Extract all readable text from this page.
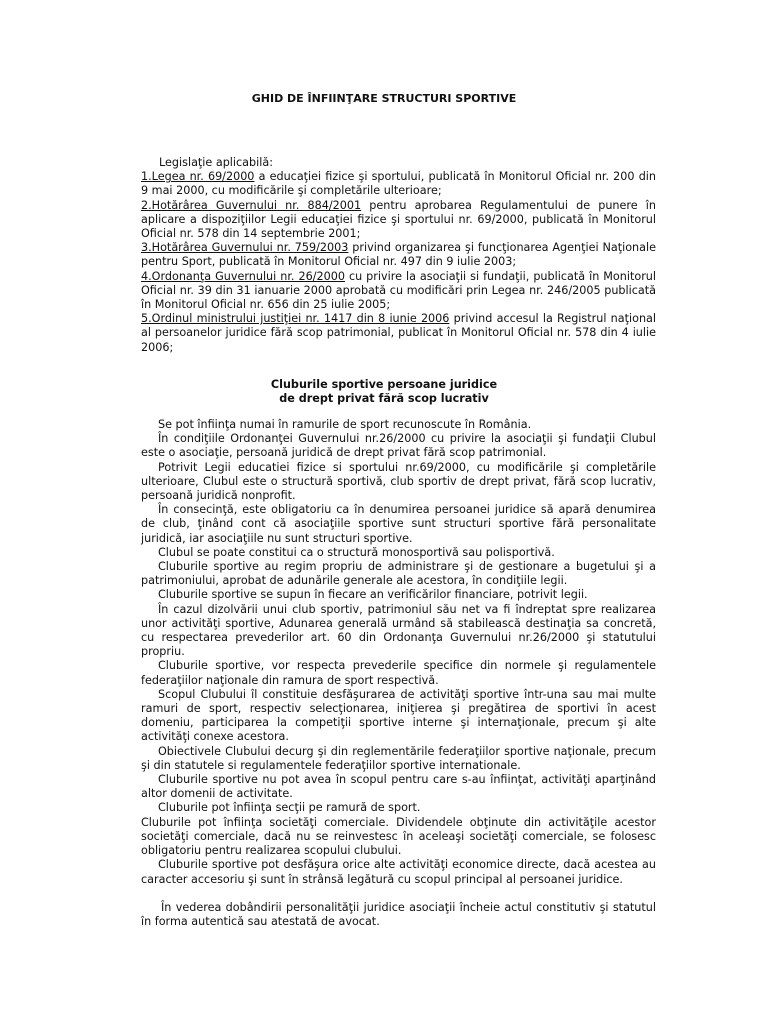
GHID DE ÎNFIINŢARE STRUCTURI SPORTIVE

Legislaţie aplicabilă:

1.Legea nr. 69/2000 a educaţiei fizice şi sportului, publicată în Monitorul Oficial nr. 200 din 9 mai 2000, cu modificările şi completările ulterioare;

2.Hotărârea Guvernului nr. 884/2001 pentru aprobarea Regulamentului de punere în aplicare a dispoziţiilor Legii educaţiei fizice şi sportului nr. 69/2000, publicată în Monitorul Oficial nr. 578 din 14 septembrie 2001;

3.Hotărârea Guvernului nr. 759/2003 privind organizarea şi funcţionarea Agenţiei Naţionale pentru Sport, publicată în Monitorul Oficial nr. 497 din 9 iulie 2003;

4.Ordonanţa Guvernului nr. 26/2000 cu privire la asociaţii si fundaţii, publicată în Monitorul Oficial nr. 39 din 31 ianuarie 2000 aprobată cu modificări prin Legea nr. 246/2005 publicată în Monitorul Oficial nr. 656 din 25 iulie 2005;

5.Ordinul ministrului justiţiei nr. 1417 din 8 iunie 2006 privind accesul la Registrul naţional al persoanelor juridice fără scop patrimonial, publicat în Monitorul Oficial nr. 578 din 4 iulie 2006;

Cluburile sportive persoane juridice
de drept privat fără scop lucrativ

Se pot înfiinţa numai în ramurile de sport recunoscute în România.

În condiţiile Ordonanţei Guvernului nr.26/2000 cu privire la asociaţii şi fundaţii Clubul este o asociaţie, persoană juridică de drept privat fără scop patrimonial.

Potrivit Legii educatiei fizice si sportului nr.69/2000, cu modificările şi completările ulterioare, Clubul este o structură sportivă, club sportiv de drept privat, fără scop lucrativ, persoană juridică nonprofit.

În consecinţă, este obligatoriu ca în denumirea persoanei juridice să apară denumirea de club, ţinând cont că asociaţiile sportive sunt structuri sportive fără personalitate juridică, iar asociaţiile nu sunt structuri sportive.

Clubul se poate constitui ca o structură monosportivă sau polisportivă.

Cluburile sportive au regim propriu de administrare şi de gestionare a bugetului şi a patrimoniului, aprobat de adunările generale ale acestora, în condiţiile legii.

Cluburile sportive se supun în fiecare an verificărilor financiare, potrivit legii.

În cazul dizolvării unui club sportiv, patrimoniul său net va fi îndreptat spre realizarea unor activităţi sportive, Adunarea generală urmând să stabilească destinaţia sa concretă, cu respectarea prevederilor art. 60 din Ordonanţa Guvernului nr.26/2000 şi statutului propriu.

Cluburile sportive, vor respecta prevederile specifice din normele şi regulamentele federaţiilor naţionale din ramura de sport respectivă.

Scopul Clubului îl constituie desfăşurarea de activităţi sportive într-una sau mai multe ramuri de sport, respectiv selecţionarea, iniţierea şi pregătirea de sportivi în acest domeniu, participarea la competiţii sportive interne şi internaţionale, precum şi alte activităţi conexe acestora.

Obiectivele Clubului decurg şi din reglementările federaţiilor sportive naţionale, precum şi din statutele si regulamentele federaţiilor sportive internationale.

Cluburile sportive nu pot avea în scopul pentru care s-au înfiinţat, activităţi aparţinând altor domenii de activitate.

Cluburile pot înfiinţa secţii pe ramură de sport.

Cluburile pot înfiinţa societăţi comerciale. Dividendele obţinute din activităţile acestor societăţi comerciale, dacă nu se reinvestesc în aceleaşi societăţi comerciale, se folosesc obligatoriu pentru realizarea scopului clubului.

Cluburile sportive pot desfăşura orice alte activităţi economice directe, dacă acestea au caracter accesoriu şi sunt în strânsă legătură cu scopul principal al persoanei juridice.

În vederea dobândirii personalităţii juridice asociaţii încheie actul constitutiv şi statutul în forma autentică sau atestată de avocat.
